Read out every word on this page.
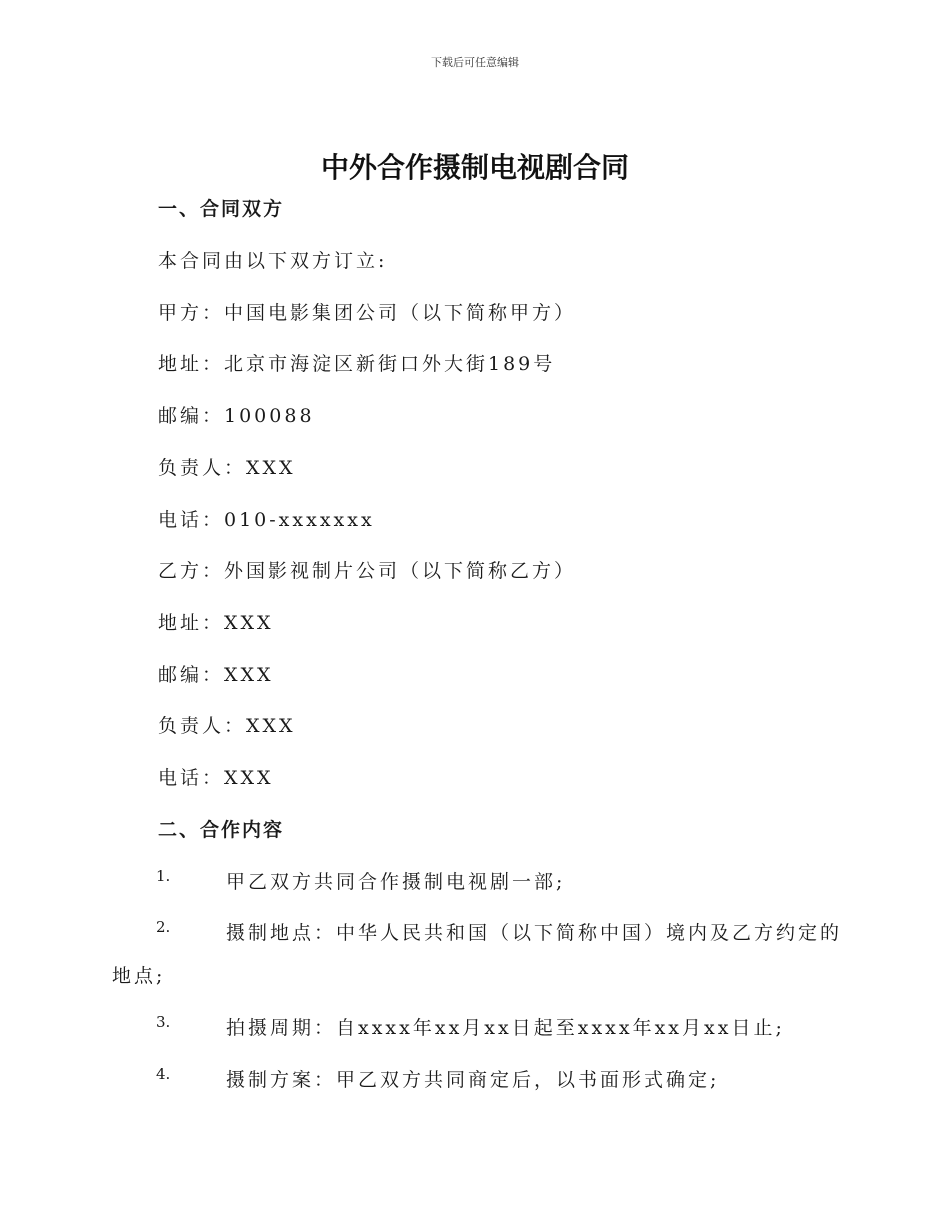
下载后可任意编辑
中外合作摄制电视剧合同
一、合同双方
本合同由以下双方订立:
甲方：中国电影集团公司（以下简称甲方）
地址：北京市海淀区新街口外大街189号
邮编：100088
负责人：XXX
电话：010-xxxxxxx
乙方：外国影视制片公司（以下简称乙方）
地址：XXX
邮编：XXX
负责人：XXX
电话：XXX
二、合作内容
1.	甲乙双方共同合作摄制电视剧一部;
2.	摄制地点：中华人民共和国（以下简称中国）境内及乙方约定的
地点;
3.	拍摄周期：自xxxx年xx月xx日起至xxxx年xx月xx日止;
4.	摄制方案：甲乙双方共同商定后，以书面形式确定;
